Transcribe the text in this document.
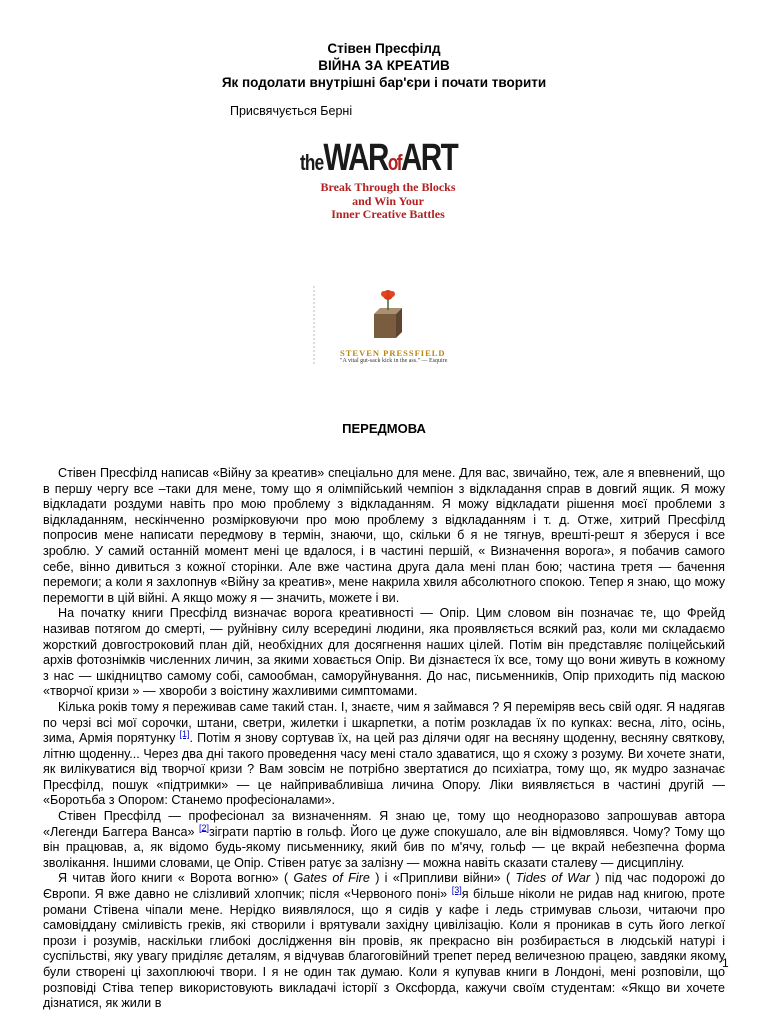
Стівен Пресфілд
ВІЙНА ЗА КРЕАТИВ
Як подолати внутрішні бар'єри і почати творити
Присвячується Берні
theWARofART
Break Through the Blocks
and Win Your
Inner Creative Battles
STEVEN PRESSFIELD
"A vital gut-sack kick in the ass." — Esquire
ПЕРЕДМОВА

Стівен Пресфілд написав «Війну за креатив» спеціально для мене. Для вас, звичайно, теж, але я впевнений, що в першу чергу все –таки для мене, тому що я олімпійський чемпіон з відкладання справ в довгий ящик. Я можу відкладати роздуми навіть про мою проблему з відкладанням. Я можу відкладати рішення моєї проблеми з відкладанням, нескінченно розмірковуючи про мою проблему з відкладанням і т. д. Отже, хитрий Пресфілд попросив мене написати передмову в термін, знаючи, що, скільки б я не тягнув, врешті-решт я зберуся і все зроблю. У самий останній момент мені це вдалося, і в частині першій, « Визначення ворога», я побачив самого себе, вінно дивиться з кожної сторінки. Але вже частина друга дала мені план бою; частина третя — бачення перемоги; а коли я захлопнув «Війну за креатив», мене накрила хвиля абсолютного спокою. Тепер я знаю, що можу перемогти в цій війні. А якщо можу я — значить, можете і ви.

На початку книги Пресфілд визначає ворога креативності — Опір. Цим словом він позначає те, що Фрейд називав потягом до смерті, — руйнівну силу всередині людини, яка проявляється всякий раз, коли ми складаємо жорсткий довгостроковий план дій, необхідних для досягнення наших цілей. Потім він представляє поліцейський архів фотознімків численних личин, за якими ховається Опір. Ви дізнаєтеся їх все, тому що вони живуть в кожному з нас — шкідництво самому собі, самообман, саморуйнування. До нас, письменників, Опір приходить під маскою «творчої кризи » — хвороби з воістину жахливими симптомами.

Кілька років тому я переживав саме такий стан. І, знаєте, чим я займався ? Я переміряв весь свій одяг. Я надягав по черзі всі мої сорочки, штани, светри, жилетки і шкарпетки, а потім розкладав їх по купках: весна, літо, осінь, зима, Армія порятунку [1]. Потім я знову сортував їх, на цей раз ділячи одяг на весняну щоденну, весняну святкову, літню щоденну... Через два дні такого проведення часу мені стало здаватися, що я схожу з розуму. Ви хочете знати, як вилікуватися від творчої кризи ? Вам зовсім не потрібно звертатися до психіатра, тому що, як мудро зазначає Пресфілд, пошук «підтримки» — це найпривабливіша личина Опору. Ліки виявляється в частині другій — «Боротьба з Опором: Станемо професіоналами».

Стівен Пресфілд — професіонал за визначенням. Я знаю це, тому що неодноразово запрошував автора «Легенди Баггера Ванса» [2]зіграти партію в гольф. Його це дуже спокушало, але він відмовлявся. Чому? Тому що він працював, а, як відомо будь-якому письменнику, який бив по м'ячу, гольф — це вкрай небезпечна форма зволікання. Іншими словами, це Опір. Стівен ратує за залізну — можна навіть сказати сталеву — дисципліну.

Я читав його книги « Ворота вогню» ( Gates of Fire ) і «Припливи війни» ( Tides of War ) під час подорожі до Європи. Я вже давно не слізливий хлопчик; після «Червоного поні» [3]я більше ніколи не ридав над книгою, проте романи Стівена чіпали мене. Нерідко виявлялося, що я сидів у кафе і ледь стримував сльози, читаючи про самовіддану сміливість греків, які створили і врятували західну цивілізацію. Коли я проникав в суть його легкої прози і розумів, наскільки глибокі дослідження він провів, як прекрасно він розбирається в людській натурі і суспільстві, яку увагу приділяє деталям, я відчував благоговійний трепет перед величезною працею, завдяки якому були створені ці захоплюючі твори. І я не один так думаю. Коли я купував книги в Лондоні, мені розповіли, що розповіді Стіва тепер використовують викладачі історії з Оксфорда, кажучи своїм студентам: «Якщо ви хочете дізнатися, як жили в

1
